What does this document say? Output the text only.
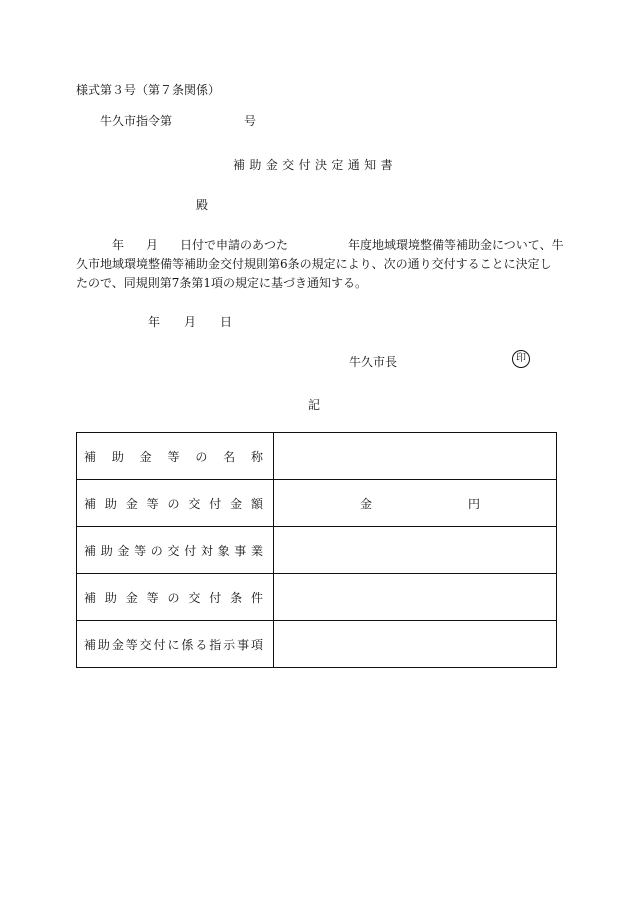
様式第３号（第７条関係）
牛久市指令第	号
補助金交付決定通知書
殿
年 月 日付で申請のあつた	年度地域環境整備等補助金について、牛
久市地域環境整備等補助金交付規則第6条の規定により、次の通り交付することに決定し
たので、同規則第7条第1項の規定に基づき通知する。
年 月 日
牛久市長	印
記
補助金等の名称	

補助金等の交付金額	金 円

補助金等の交付対象事業	

補助金等の交付条件	

補助金等交付に係る指示事項	
